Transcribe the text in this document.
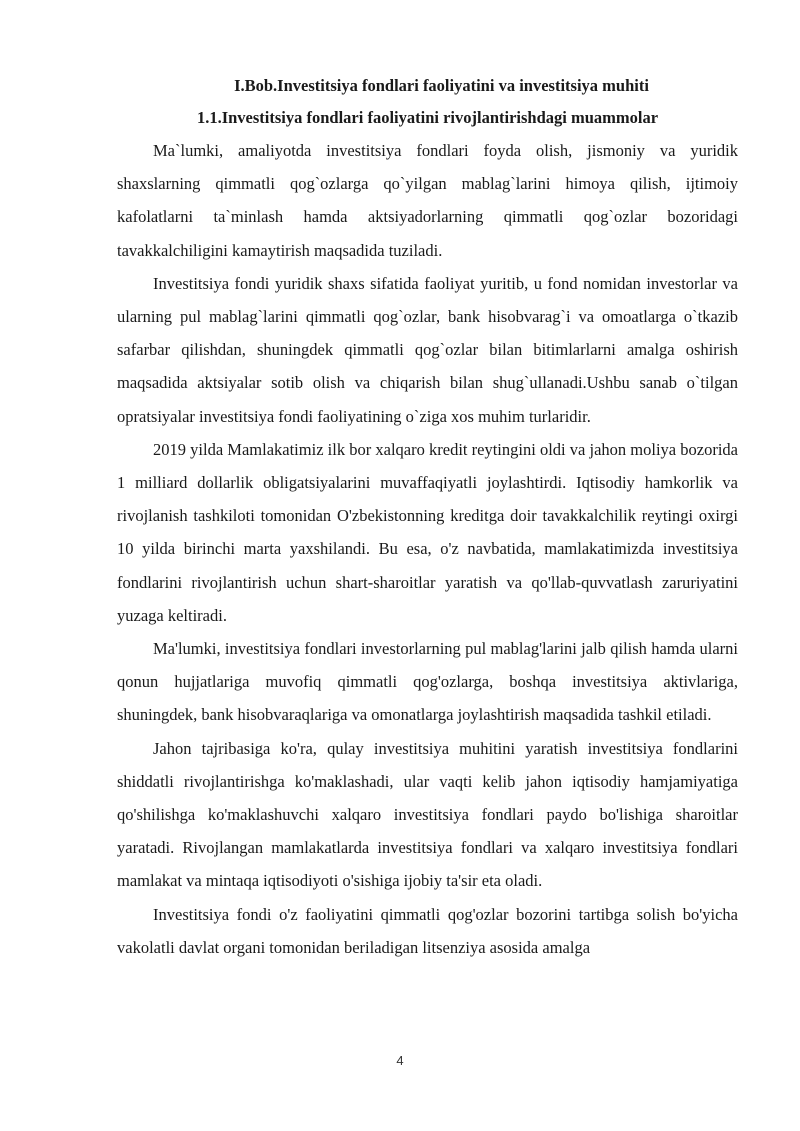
I.Bob.Investitsiya fondlari faoliyatini va investitsiya muhiti
1.1.Investitsiya fondlari faoliyatini rivojlantirishdagi muammolar

Ma`lumki, amaliyotda investitsiya fondlari foyda olish, jismoniy va yuridik shaxslarning qimmatli qog`ozlarga qo`yilgan mablag`larini himoya qilish, ijtimoiy kafolatlarni ta`minlash hamda aktsiyadorlarning qimmatli qog`ozlar bozoridagi tavakkalchiligini kamaytirish maqsadida tuziladi.

Investitsiya fondi yuridik shaxs sifatida faoliyat yuritib, u fond nomidan investorlar va ularning pul mablag`larini qimmatli qog`ozlar, bank hisobvarag`i va omoatlarga o`tkazib safarbar qilishdan, shuningdek qimmatli qog`ozlar bilan bitimlarlarni amalga oshirish maqsadida aktsiyalar sotib olish va chiqarish bilan shug`ullanadi.Ushbu sanab o`tilgan opratsiyalar investitsiya fondi faoliyatining o`ziga xos muhim turlaridir.

2019 yilda Mamlakatimiz ilk bor xalqaro kredit reytingini oldi va jahon moliya bozorida 1 milliard dollarlik obligatsiyalarini muvaffaqiyatli joylashtirdi. Iqtisodiy hamkorlik va rivojlanish tashkiloti tomonidan O'zbekistonning kreditga doir tavakkalchilik reytingi oxirgi 10 yilda birinchi marta yaxshilandi. Bu esa, o'z navbatida, mamlakatimizda investitsiya fondlarini rivojlantirish uchun shart-sharoitlar yaratish va qo'llab-quvvatlash zaruriyatini yuzaga keltiradi.

Ma'lumki, investitsiya fondlari investorlarning pul mablag'larini jalb qilish hamda ularni qonun hujjatlariga muvofiq qimmatli qog'ozlarga, boshqa investitsiya aktivlariga, shuningdek, bank hisobvaraqlariga va omonatlarga joylashtirish maqsadida tashkil etiladi.

Jahon tajribasiga ko'ra, qulay investitsiya muhitini yaratish investitsiya fondlarini shiddatli rivojlantirishga ko'maklashadi, ular vaqti kelib jahon iqtisodiy hamjamiyatiga qo'shilishga ko'maklashuvchi xalqaro investitsiya fondlari paydo bo'lishiga sharoitlar yaratadi. Rivojlangan mamlakatlarda investitsiya fondlari va xalqaro investitsiya fondlari mamlakat va mintaqa iqtisodiyoti o'sishiga ijobiy ta'sir eta oladi.

Investitsiya fondi o'z faoliyatini qimmatli qog'ozlar bozorini tartibga solish bo'yicha vakolatli davlat organi tomonidan beriladigan litsenziya asosida amalga

4
